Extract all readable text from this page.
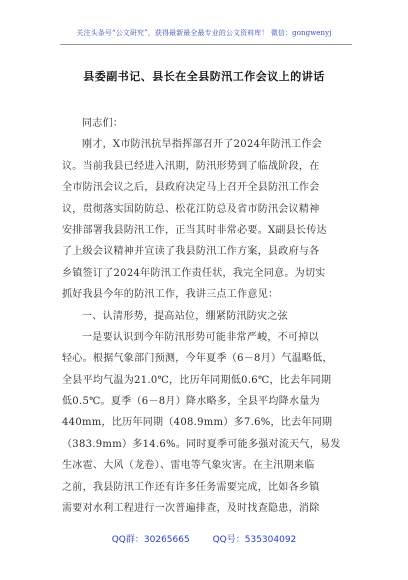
关注头条号“公文研究”，获得最新最全最专业的公文资料库！ 微信：gongwenyj
县委副书记、县长在全县防汛工作会议上的讲话
同志们：
刚才，X市防汛抗旱指挥部召开了2024年防汛工作会
议。当前我县已经进入汛期，防汛形势到了临战阶段，在
全市防汛会议之后，县政府决定马上召开全县防汛工作会
议，贯彻落实国防防总、松花江防总及省市防汛会议精神
安排部署我县防汛工作，正当其时非常必要。X副县长传达
了上级会议精神并宣读了我县防汛工作方案，县政府与各
乡镇签订了2024年防汛工作责任状，我完全同意。为切实
抓好我县今年的防汛工作，我讲三点工作意见：
一、认清形势，提高站位，绷紧防汛防灾之弦
一是要认识到今年防汛形势可能非常严峻，不可掉以
轻心。根据气象部门预测，今年夏季（6－8月）气温略低，
全县平均气温为21.0℃，比历年同期低0.6℃，比去年同期
低0.5℃。夏季（6－8月）降水略多，全县平均降水量为
440mm，比历年同期（408.9mm）多7.6%，比去年同期
（383.9mm）多14.6%。同时夏季可能多强对流天气，易发
生冰雹、大风（龙卷）、雷电等气象灾害。在主汛期来临
之前，我县防汛工作还有许多任务需要完成，比如各乡镇
需要对水利工程进行一次普遍排查，及时找查隐患，消除
QQ群：30265665	QQ号：535304092
